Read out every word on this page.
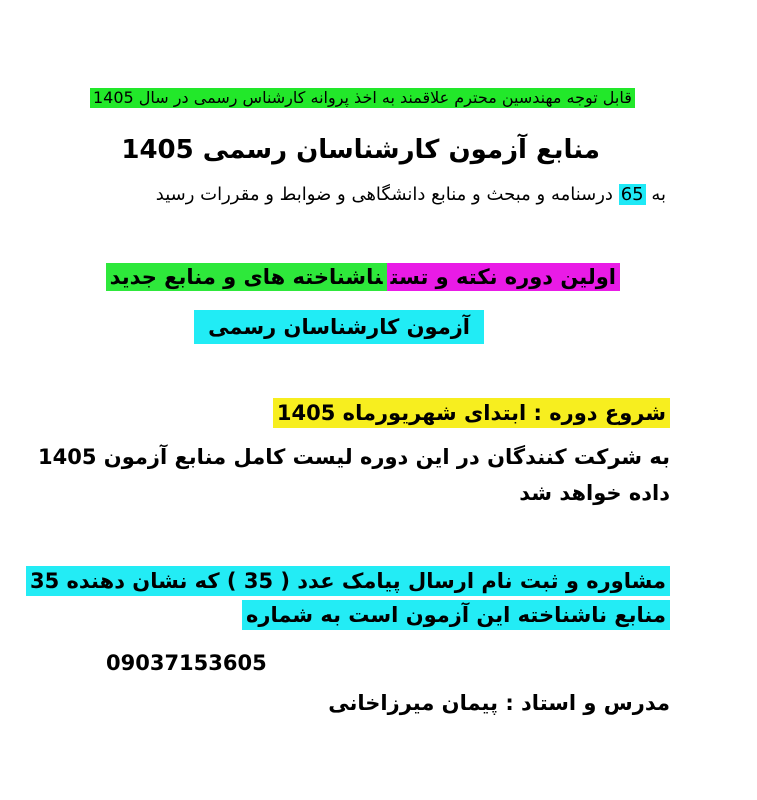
قابل توجه مهندسین محترم علاقمند به اخذ پروانه کارشناس رسمی در سال 1405
منابع آزمون کارشناسان رسمی 1405
به 65 درسنامه و مبحث و منابع دانشگاهی و ضوابط و مقررات رسید
اولین دوره نکته و تستناشناخته های و منابع جدید
آزمون کارشناسان رسمی
شروع دوره : ابتدای شهریورماه 1405
به شرکت کنندگان در این دوره لیست کامل منابع آزمون 1405
داده خواهد شد
مشاوره و ثبت نام ارسال پیامک عدد ( 35 ) که نشان دهنده 35
منابع ناشناخته این آزمون است به شماره
09037153605
مدرس و استاد : پیمان میرزاخانی
